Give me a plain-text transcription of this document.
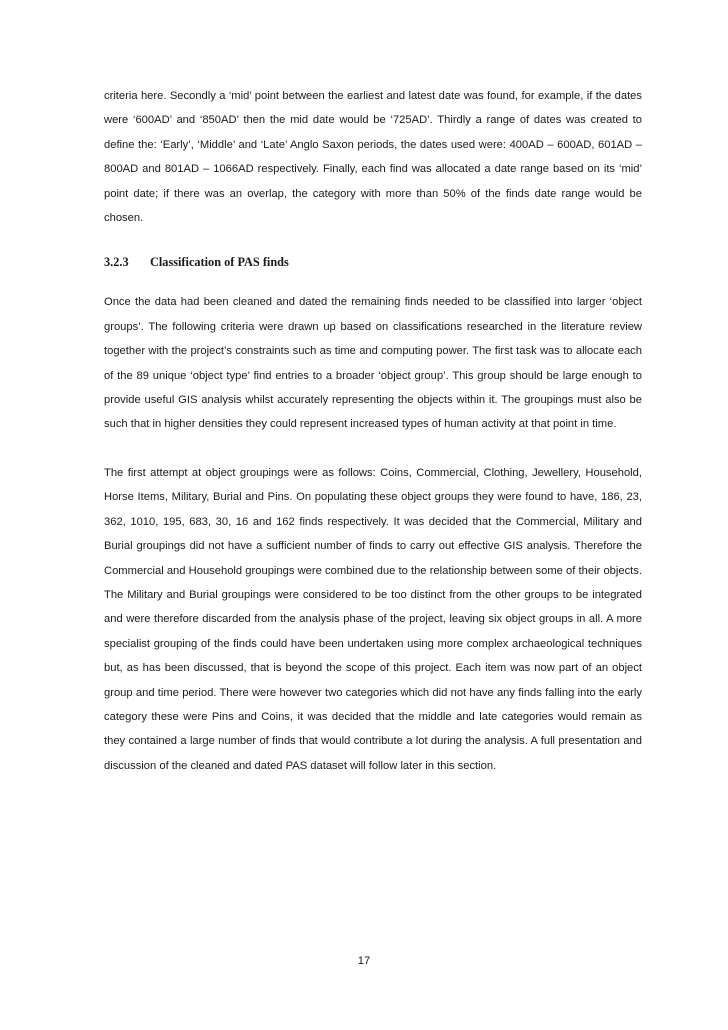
criteria here. Secondly a ‘mid’ point between the earliest and latest date was found, for example, if the dates were ‘600AD’ and ‘850AD’ then the mid date would be ‘725AD’. Thirdly a range of dates was created to define the: ‘Early’, ‘Middle’ and ‘Late’ Anglo Saxon periods, the dates used were: 400AD – 600AD, 601AD – 800AD and 801AD – 1066AD respectively. Finally, each find was allocated a date range based on its ‘mid’ point date; if there was an overlap, the category with more than 50% of the finds date range would be chosen.

3.2.3	Classification of PAS finds

Once the data had been cleaned and dated the remaining finds needed to be classified into larger ‘object groups’. The following criteria were drawn up based on classifications researched in the literature review together with the project’s constraints such as time and computing power. The first task was to allocate each of the 89 unique ‘object type’ find entries to a broader ‘object group’. This group should be large enough to provide useful GIS analysis whilst accurately representing the objects within it. The groupings must also be such that in higher densities they could represent increased types of human activity at that point in time.

The first attempt at object groupings were as follows: Coins, Commercial, Clothing, Jewellery, Household, Horse Items, Military, Burial and Pins. On populating these object groups they were found to have, 186, 23, 362, 1010, 195, 683, 30, 16 and 162 finds respectively. It was decided that the Commercial, Military and Burial groupings did not have a sufficient number of finds to carry out effective GIS analysis. Therefore the Commercial and Household groupings were combined due to the relationship between some of their objects. The Military and Burial groupings were considered to be too distinct from the other groups to be integrated and were therefore discarded from the analysis phase of the project, leaving six object groups in all. A more specialist grouping of the finds could have been undertaken using more complex archaeological techniques but, as has been discussed, that is beyond the scope of this project. Each item was now part of an object group and time period. There were however two categories which did not have any finds falling into the early category these were Pins and Coins, it was decided that the middle and late categories would remain as they contained a large number of finds that would contribute a lot during the analysis. A full presentation and discussion of the cleaned and dated PAS dataset will follow later in this section.

17
